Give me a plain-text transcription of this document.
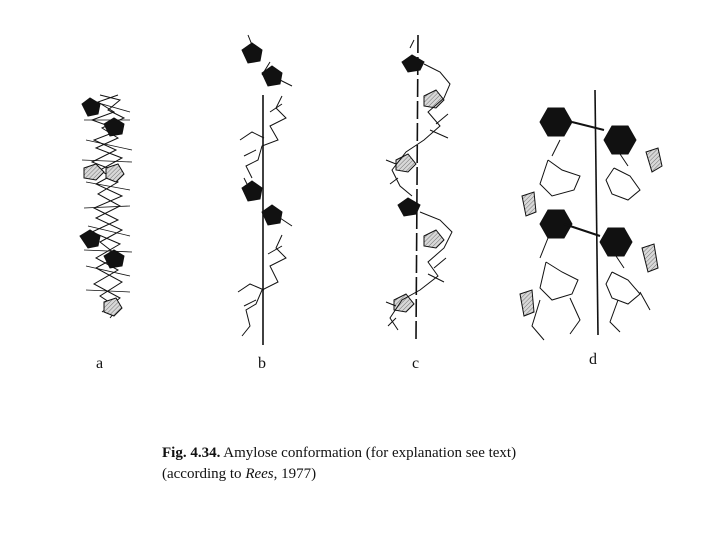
a	b	c	d
Fig. 4.34. Amylose conformation (for explanation see text) (according to Rees, 1977)
